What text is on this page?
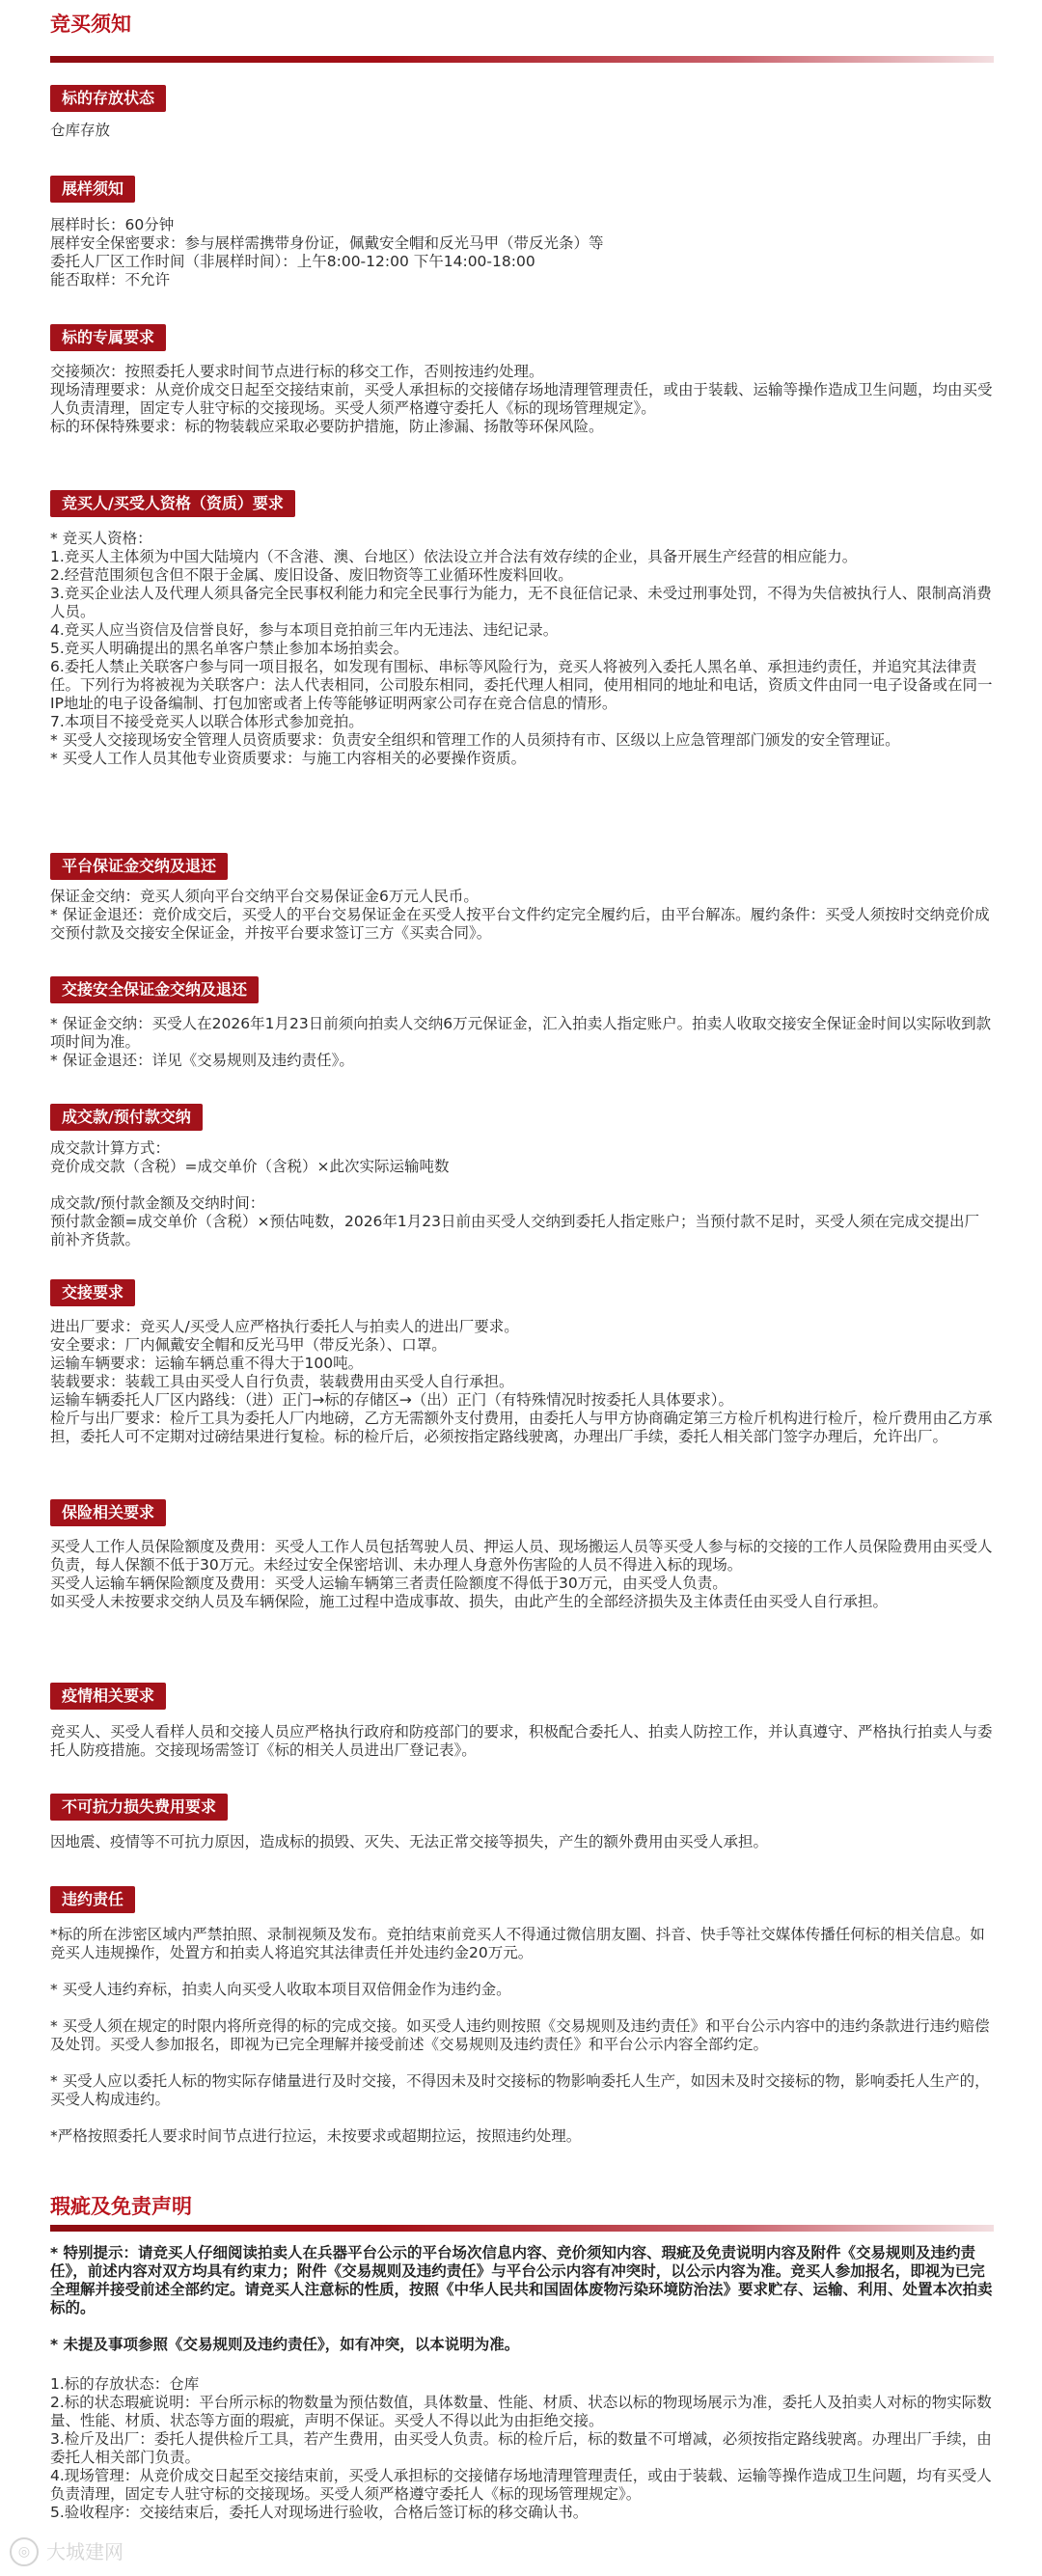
竞买须知
标的存放状态

仓库存放

展样须知

展样时长：60分钟

展样安全保密要求：参与展样需携带身份证，佩戴安全帽和反光马甲（带反光条）等

委托人厂区工作时间（非展样时间）：上午8:00-12:00 下午14:00-18:00

能否取样：不允许

标的专属要求

交接频次：按照委托人要求时间节点进行标的移交工作，否则按违约处理。

现场清理要求：从竞价成交日起至交接结束前，买受人承担标的交接储存场地清理管理责任，或由于装载、运输等操作造成卫生问题，均由买受人负责清理，固定专人驻守标的交接现场。买受人须严格遵守委托人《标的现场管理规定》。

标的环保特殊要求：标的物装载应采取必要防护措施，防止渗漏、扬散等环保风险。

竞买人/买受人资格（资质）要求

* 竞买人资格：

1.竞买人主体须为中国大陆境内（不含港、澳、台地区）依法设立并合法有效存续的企业，具备开展生产经营的相应能力。

2.经营范围须包含但不限于金属、废旧设备、废旧物资等工业循环性废料回收。

3.竞买企业法人及代理人须具备完全民事权利能力和完全民事行为能力，无不良征信记录、未受过刑事处罚，不得为失信被执行人、限制高消费人员。

4.竞买人应当资信及信誉良好，参与本项目竞拍前三年内无违法、违纪记录。

5.竞买人明确提出的黑名单客户禁止参加本场拍卖会。

6.委托人禁止关联客户参与同一项目报名，如发现有围标、串标等风险行为，竞买人将被列入委托人黑名单、承担违约责任，并追究其法律责任。下列行为将被视为关联客户：法人代表相同，公司股东相同，委托代理人相同，使用相同的地址和电话，资质文件由同一电子设备或在同一IP地址的电子设备编制、打包加密或者上传等能够证明两家公司存在竞合信息的情形。

7.本项目不接受竞买人以联合体形式参加竞拍。

* 买受人交接现场安全管理人员资质要求：负责安全组织和管理工作的人员须持有市、区级以上应急管理部门颁发的安全管理证。

* 买受人工作人员其他专业资质要求：与施工内容相关的必要操作资质。

平台保证金交纳及退还

保证金交纳：竞买人须向平台交纳平台交易保证金6万元人民币。

* 保证金退还：竞价成交后，买受人的平台交易保证金在买受人按平台文件约定完全履约后，由平台解冻。履约条件：买受人须按时交纳竞价成交预付款及交接安全保证金，并按平台要求签订三方《买卖合同》。

交接安全保证金交纳及退还

* 保证金交纳：买受人在2026年1月23日前须向拍卖人交纳6万元保证金，汇入拍卖人指定账户。拍卖人收取交接安全保证金时间以实际收到款项时间为准。

* 保证金退还：详见《交易规则及违约责任》。

成交款/预付款交纳

成交款计算方式：

竞价成交款（含税）=成交单价（含税）×此次实际运输吨数

成交款/预付款金额及交纳时间：

预付款金额=成交单价（含税）×预估吨数，2026年1月23日前由买受人交纳到委托人指定账户；当预付款不足时，买受人须在完成交提出厂前补齐货款。

交接要求

进出厂要求：竞买人/买受人应严格执行委托人与拍卖人的进出厂要求。

安全要求：厂内佩戴安全帽和反光马甲（带反光条）、口罩。

运输车辆要求：运输车辆总重不得大于100吨。

装载要求：装载工具由买受人自行负责，装载费用由买受人自行承担。

运输车辆委托人厂区内路线：（进）正门→标的存储区→（出）正门（有特殊情况时按委托人具体要求）。

检斤与出厂要求：检斤工具为委托人厂内地磅，乙方无需额外支付费用，由委托人与甲方协商确定第三方检斤机构进行检斤，检斤费用由乙方承担，委托人可不定期对过磅结果进行复检。标的检斤后，必须按指定路线驶离，办理出厂手续，委托人相关部门签字办理后，允许出厂。

保险相关要求

买受人工作人员保险额度及费用：买受人工作人员包括驾驶人员、押运人员、现场搬运人员等买受人参与标的交接的工作人员保险费用由买受人负责，每人保额不低于30万元。未经过安全保密培训、未办理人身意外伤害险的人员不得进入标的现场。

买受人运输车辆保险额度及费用：买受人运输车辆第三者责任险额度不得低于30万元，由买受人负责。

如买受人未按要求交纳人员及车辆保险，施工过程中造成事故、损失，由此产生的全部经济损失及主体责任由买受人自行承担。

疫情相关要求

竞买人、买受人看样人员和交接人员应严格执行政府和防疫部门的要求，积极配合委托人、拍卖人防控工作，并认真遵守、严格执行拍卖人与委托人防疫措施。交接现场需签订《标的相关人员进出厂登记表》。

不可抗力损失费用要求

因地震、疫情等不可抗力原因，造成标的损毁、灭失、无法正常交接等损失，产生的额外费用由买受人承担。

违约责任

*标的所在涉密区域内严禁拍照、录制视频及发布。竞拍结束前竞买人不得通过微信朋友圈、抖音、快手等社交媒体传播任何标的相关信息。如竞买人违规操作，处置方和拍卖人将追究其法律责任并处违约金20万元。

* 买受人违约弃标，拍卖人向买受人收取本项目双倍佣金作为违约金。

* 买受人须在规定的时限内将所竞得的标的完成交接。如买受人违约则按照《交易规则及违约责任》和平台公示内容中的违约条款进行违约赔偿及处罚。买受人参加报名，即视为已完全理解并接受前述《交易规则及违约责任》和平台公示内容全部约定。

* 买受人应以委托人标的物实际存储量进行及时交接，不得因未及时交接标的物影响委托人生产，如因未及时交接标的物，影响委托人生产的，买受人构成违约。

*严格按照委托人要求时间节点进行拉运，未按要求或超期拉运，按照违约处理。

瑕疵及免责声明

* 特别提示：请竞买人仔细阅读拍卖人在兵器平台公示的平台场次信息内容、竞价须知内容、瑕疵及免责说明内容及附件《交易规则及违约责任》，前述内容对双方均具有约束力；附件《交易规则及违约责任》与平台公示内容有冲突时，以公示内容为准。竞买人参加报名，即视为已完全理解并接受前述全部约定。请竞买人注意标的性质，按照《中华人民共和国固体废物污染环境防治法》要求贮存、运输、利用、处置本次拍卖标的。

* 未提及事项参照《交易规则及违约责任》，如有冲突，以本说明为准。

1.标的存放状态：仓库

2.标的状态瑕疵说明：平台所示标的物数量为预估数值，具体数量、性能、材质、状态以标的物现场展示为准，委托人及拍卖人对标的物实际数量、性能、材质、状态等方面的瑕疵，声明不保证。买受人不得以此为由拒绝交接。

3.检斤及出厂：委托人提供检斤工具，若产生费用，由买受人负责。标的检斤后，标的数量不可增减，必须按指定路线驶离。办理出厂手续，由委托人相关部门负责。

4.现场管理：从竞价成交日起至交接结束前，买受人承担标的交接储存场地清理管理责任，或由于装载、运输等操作造成卫生问题，均有买受人负责清理，固定专人驻守标的交接现场。买受人须严格遵守委托人《标的现场管理规定》。

5.验收程序：交接结束后，委托人对现场进行验收，合格后签订标的移交确认书。

◎ 大城建网
